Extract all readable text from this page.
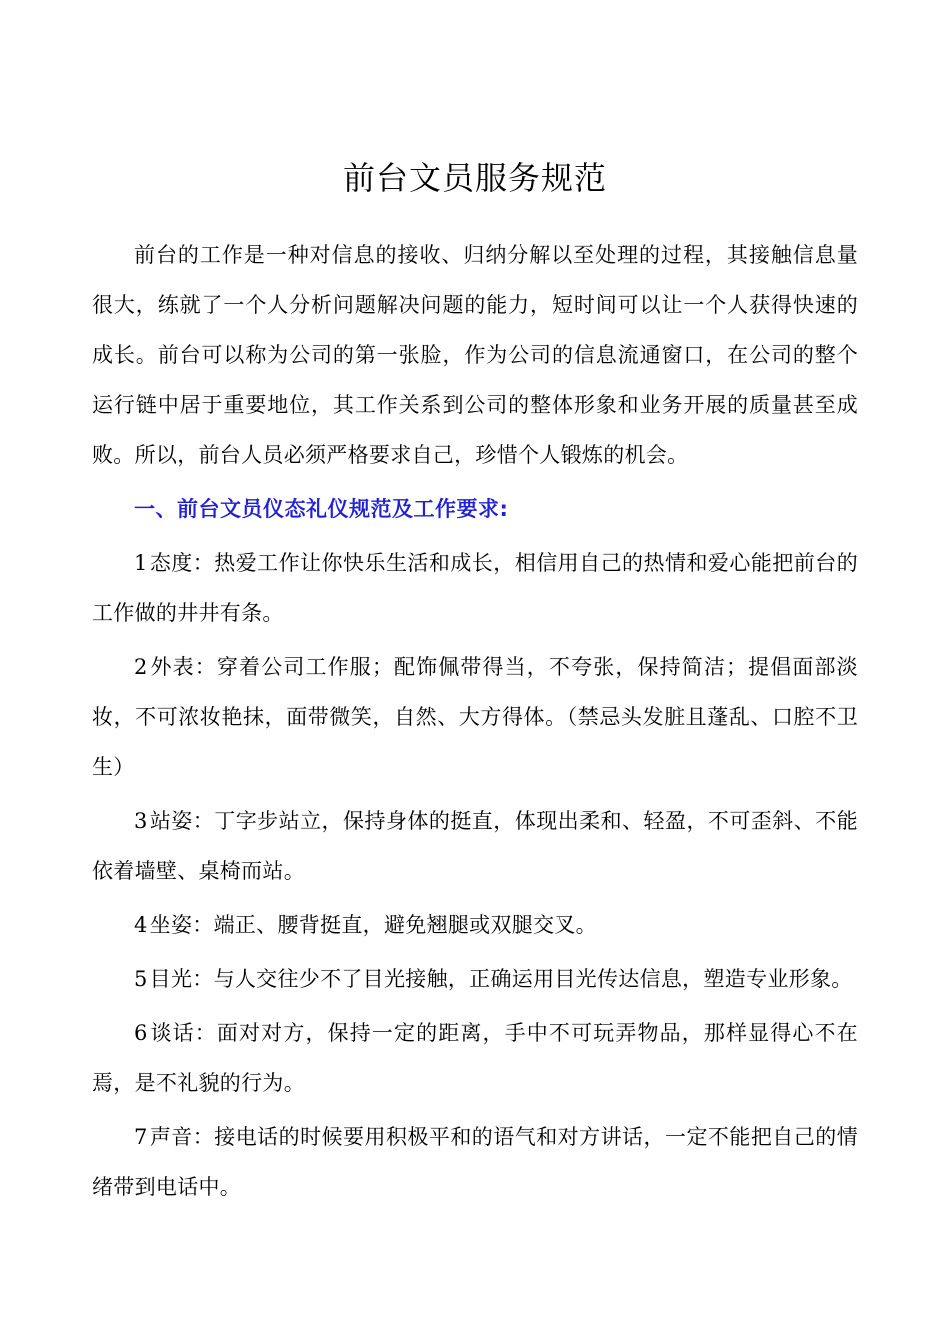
前台文员服务规范

前台的工作是一种对信息的接收、归纳分解以至处理的过程，其接触信息量很大，练就了一个人分析问题解决问题的能力，短时间可以让一个人获得快速的成长。前台可以称为公司的第一张脸，作为公司的信息流通窗口，在公司的整个运行链中居于重要地位，其工作关系到公司的整体形象和业务开展的质量甚至成败。所以，前台人员必须严格要求自己，珍惜个人锻炼的机会。

一、前台文员仪态礼仪规范及工作要求:

1态度：热爱工作让你快乐生活和成长，相信用自己的热情和爱心能把前台的工作做的井井有条。

2外表：穿着公司工作服；配饰佩带得当，不夸张，保持简洁；提倡面部淡妆，不可浓妆艳抹，面带微笑，自然、大方得体。（禁忌头发脏且蓬乱、口腔不卫生）

3站姿：丁字步站立，保持身体的挺直，体现出柔和、轻盈，不可歪斜、不能依着墙壁、桌椅而站。

4坐姿：端正、腰背挺直，避免翘腿或双腿交叉。

5目光：与人交往少不了目光接触，正确运用目光传达信息，塑造专业形象。

6谈话：面对对方，保持一定的距离，手中不可玩弄物品，那样显得心不在焉，是不礼貌的行为。

7声音：接电话的时候要用积极平和的语气和对方讲话，一定不能把自己的情绪带到电话中。
